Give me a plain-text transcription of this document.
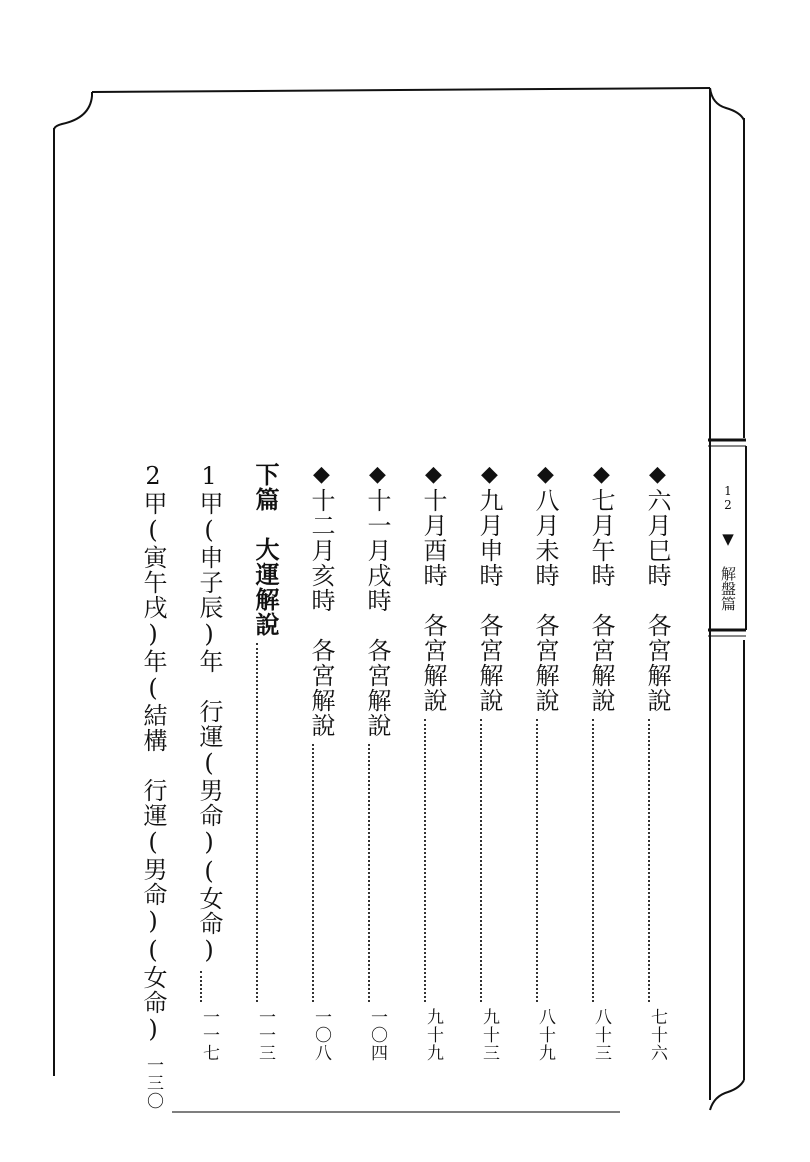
12 ▼ 解盤篇
◆
六月巳時　各宮解說
七十六
◆
七月午時　各宮解說
八十三
◆
八月未時　各宮解說
八十九
◆
九月申時　各宮解說
九十三
◆
十月酉時　各宮解說
九十九
◆
十一月戌時　各宮解說
一〇四
◆
十二月亥時　各宮解說
一〇八
下篇　大運解說
一一三
1甲(申子辰)年　行運(男命)(女命)
一一七
2甲(寅午戌)年(結構　行運(男命)(女命)
一三〇
